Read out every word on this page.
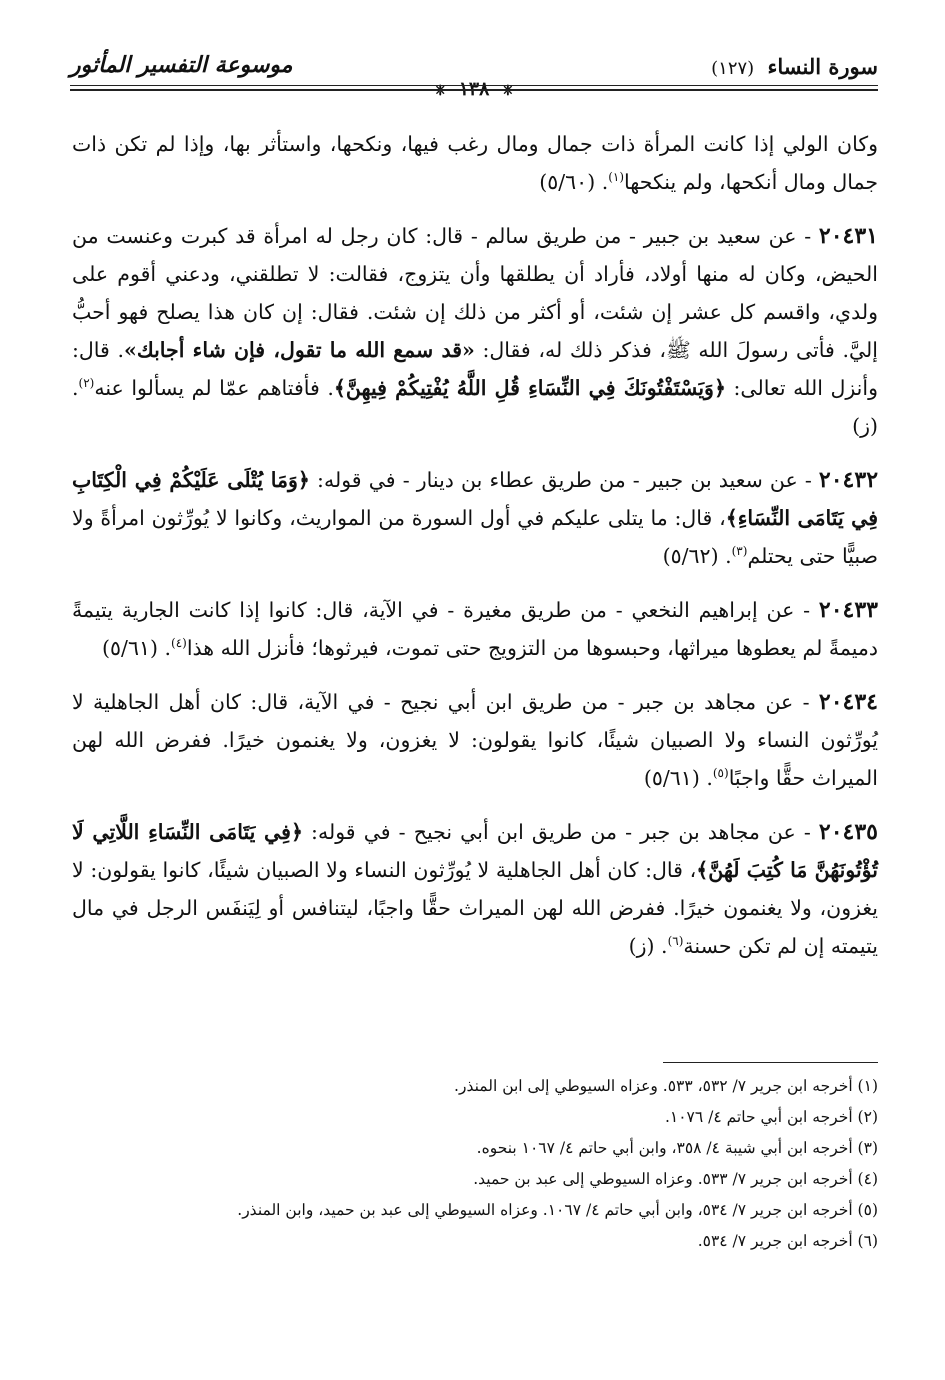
سورة النساء (١٢٧)
❈ ١٣٨ ❈
موسوعة التفسير المأثور

وكان الولي إذا كانت المرأة ذات جمال ومال رغب فيها، ونكحها، واستأثر بها، وإذا لم تكن ذات جمال ومال أنكحها، ولم ينكحها$^{(١)}$. (٥/٦٠)

٢٠٤٣١ - عن سعيد بن جبير - من طريق سالم - قال: كان رجل له امرأة قد كبرت وعنست من الحيض، وكان له منها أولاد، فأراد أن يطلقها وأن يتزوج، فقالت: لا تطلقني، ودعني أقوم على ولدي، واقسم كل عشر إن شئت، أو أكثر من ذلك إن شئت. فقال: إن كان هذا يصلح فهو أحبُّ إليَّ. فأتى رسولَ الله ﷺ، فذكر ذلك له، فقال: «قد سمع الله ما تقول، فإن شاء أجابك». قال: وأنزل الله تعالى: ﴿وَيَسْتَفْتُونَكَ فِي النِّسَاءِ قُلِ اللَّهُ يُفْتِيكُمْ فِيهِنَّ﴾. فأفتاهم عمّا لم يسألوا عنه$^{(٢)}$. (ز)

٢٠٤٣٢ - عن سعيد بن جبير - من طريق عطاء بن دينار - في قوله: ﴿وَمَا يُتْلَى عَلَيْكُمْ فِي الْكِتَابِ فِي يَتَامَى النِّسَاءِ﴾، قال: ما يتلى عليكم في أول السورة من المواريث، وكانوا لا يُورِّثون امرأةً ولا صبيًّا حتى يحتلم$^{(٣)}$. (٥/٦٢)

٢٠٤٣٣ - عن إبراهيم النخعي - من طريق مغيرة - في الآية، قال: كانوا إذا كانت الجارية يتيمةً دميمةً لم يعطوها ميراثها، وحبسوها من التزويج حتى تموت، فيرثوها؛ فأنزل الله هذا$^{(٤)}$. (٥/٦١)

٢٠٤٣٤ - عن مجاهد بن جبر - من طريق ابن أبي نجيح - في الآية، قال: كان أهل الجاهلية لا يُورِّثون النساء ولا الصبيان شيئًا، كانوا يقولون: لا يغزون، ولا يغنمون خيرًا. ففرض الله لهن الميراث حقًّا واجبًا$^{(٥)}$. (٥/٦١)

٢٠٤٣٥ - عن مجاهد بن جبر - من طريق ابن أبي نجيح - في قوله: ﴿فِي يَتَامَى النِّسَاءِ اللَّاتِي لَا تُؤْتُونَهُنَّ مَا كُتِبَ لَهُنَّ﴾، قال: كان أهل الجاهلية لا يُورِّثون النساء ولا الصبيان شيئًا، كانوا يقولون: لا يغزون، ولا يغنمون خيرًا. ففرض الله لهن الميراث حقًّا واجبًا، ليتنافس أو لِيَنفَس الرجل في مال يتيمته إن لم تكن حسنة$^{(٦)}$. (ز)

(١) أخرجه ابن جرير ٧/ ٥٣٢، ٥٣٣. وعزاه السيوطي إلى ابن المنذر.

(٢) أخرجه ابن أبي حاتم ٤/ ١٠٧٦.

(٣) أخرجه ابن أبي شيبة ٤/ ٣٥٨، وابن أبي حاتم ٤/ ١٠٦٧ بنحوه.

(٤) أخرجه ابن جرير ٧/ ٥٣٣. وعزاه السيوطي إلى عبد بن حميد.

(٥) أخرجه ابن جرير ٧/ ٥٣٤، وابن أبي حاتم ٤/ ١٠٦٧. وعزاه السيوطي إلى عبد بن حميد، وابن المنذر.

(٦) أخرجه ابن جرير ٧/ ٥٣٤.
